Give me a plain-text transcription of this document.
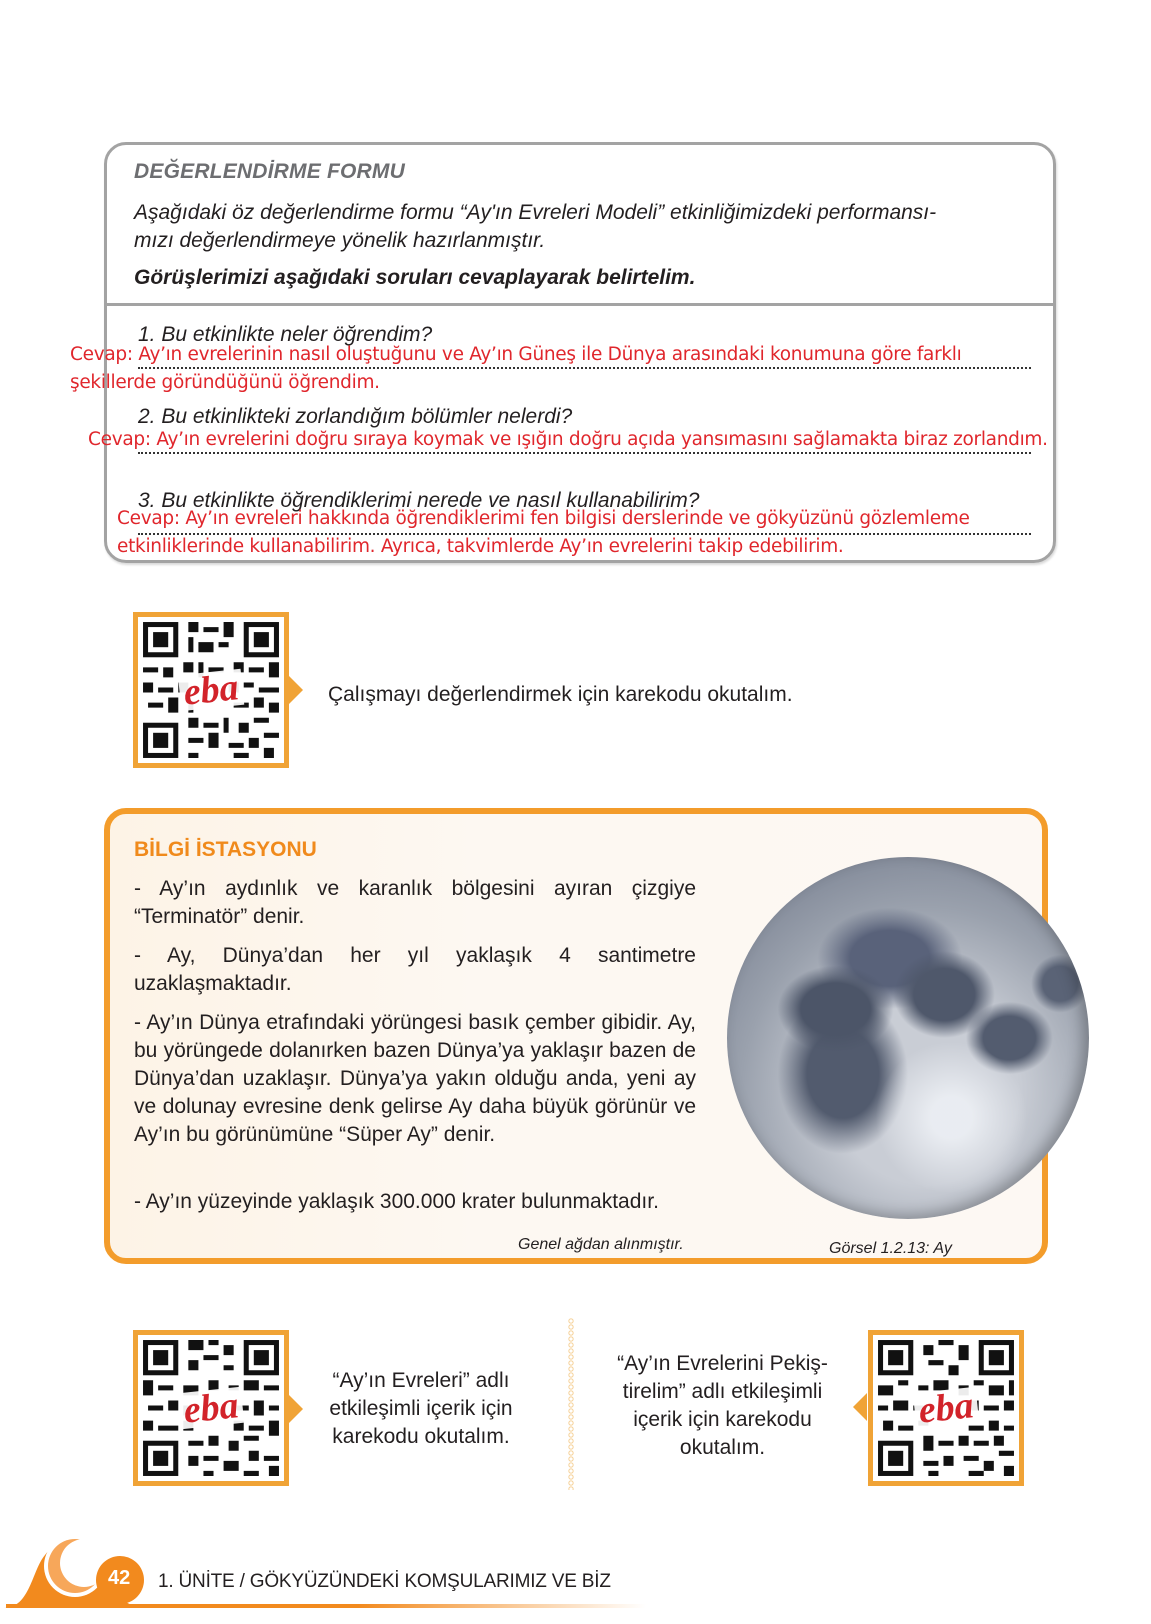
DEĞERLENDİRME FORMU
Aşağıdaki öz değerlendirme formu “Ay'ın Evreleri Modeli” etkinliğimizdeki performansı-
mızı değerlendirmeye yönelik hazırlanmıştır.
Görüşlerimizi aşağıdaki soruları cevaplayarak belirtelim.
1. Bu etkinlikte neler öğrendim?
Cevap: Ay’ın evrelerinin nasıl oluştuğunu ve Ay’ın Güneş ile Dünya arasındaki konumuna göre farklı
şekillerde göründüğünü öğrendim.
2. Bu etkinlikteki zorlandığım bölümler nelerdi?
Cevap: Ay’ın evrelerini doğru sıraya koymak ve ışığın doğru açıda yansımasını sağlamakta biraz zorlandım.
3. Bu etkinlikte öğrendiklerimi nerede ve nasıl kullanabilirim?
Cevap: Ay’ın evreleri hakkında öğrendiklerimi fen bilgisi derslerinde ve gökyüzünü gözlemleme
etkinliklerinde kullanabilirim. Ayrıca, takvimlerde Ay’ın evrelerini takip edebilirim.
eba	Çalışmayı değerlendirmek için karekodu okutalım.
BİLGİ İSTASYONU
- Ay’ın aydınlık ve karanlık bölgesini ayıran çizgiye “Terminatör” denir.
- Ay, Dünya’dan her yıl yaklaşık 4 santimetre uzaklaşmaktadır.
- Ay’ın Dünya etrafındaki yörüngesi basık çember gibidir. Ay, bu yörüngede dolanırken bazen Dünya’ya yaklaşır bazen de Dünya’dan uzaklaşır. Dünya’ya yakın olduğu anda, yeni ay ve dolunay evresine denk gelirse Ay daha büyük görünür ve Ay’ın bu görünümüne “Süper Ay” denir.
- Ay’ın yüzeyinde yaklaşık 300.000 krater bulunmaktadır.
Genel ağdan alınmıştır.	Görsel 1.2.13: Ay
eba
“Ay’ın Evreleri” adlı
etkileşimli içerik için
karekodu okutalım.
“Ay’ın Evrelerini Pekiş-
tirelim” adlı etkileşimli
içerik için karekodu
okutalım.
eba
42 1. ÜNİTE / GÖKYÜZÜNDEKİ KOMŞULARIMIZ VE BİZ
